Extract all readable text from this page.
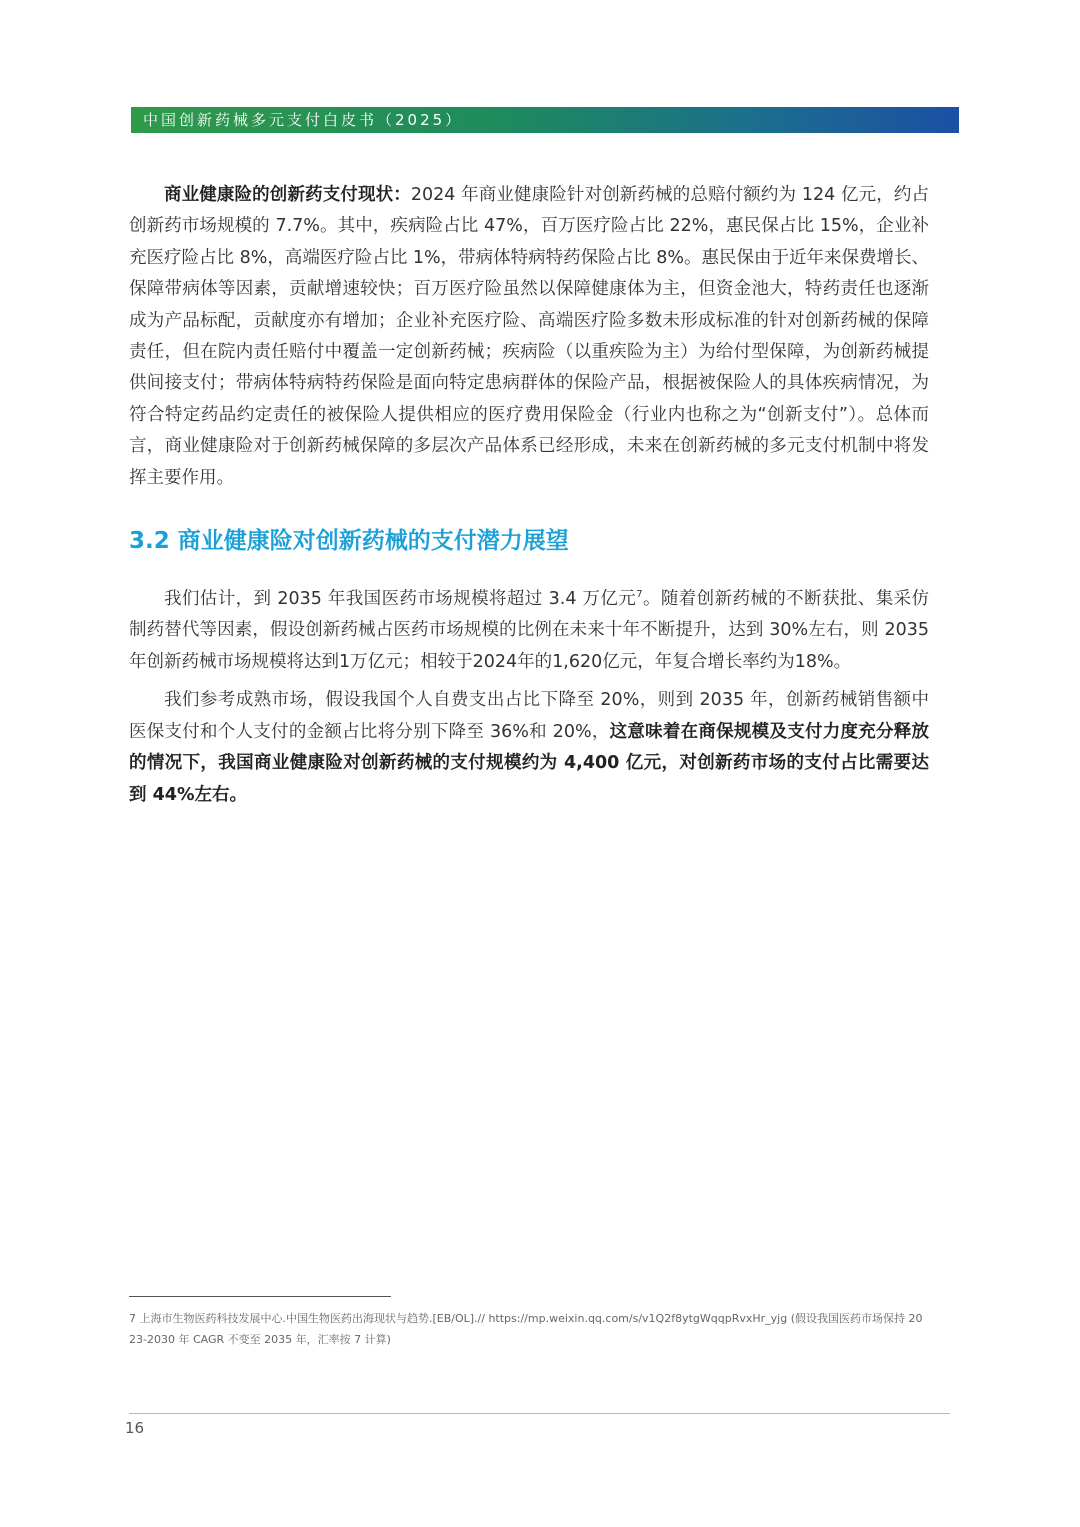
中国创新药械多元支付白皮书（2025）

商业健康险的创新药支付现状：2024 年商业健康险针对创新药械的总赔付额约为 124 亿元，约占创新药市场规模的 7.7%。其中，疾病险占比 47%，百万医疗险占比 22%，惠民保占比 15%，企业补充医疗险占比 8%，高端医疗险占比 1%，带病体特病特药保险占比 8%。惠民保由于近年来保费增长、保障带病体等因素，贡献增速较快；百万医疗险虽然以保障健康体为主，但资金池大，特药责任也逐渐成为产品标配，贡献度亦有增加；企业补充医疗险、高端医疗险多数未形成标准的针对创新药械的保障责任，但在院内责任赔付中覆盖一定创新药械；疾病险（以重疾险为主）为给付型保障，为创新药械提供间接支付；带病体特病特药保险是面向特定患病群体的保险产品，根据被保险人的具体疾病情况，为符合特定药品约定责任的被保险人提供相应的医疗费用保险金（行业内也称之为“创新支付”）。总体而言，商业健康险对于创新药械保障的多层次产品体系已经形成，未来在创新药械的多元支付机制中将发挥主要作用。

3.2 商业健康险对创新药械的支付潜力展望

我们估计，到 2035 年我国医药市场规模将超过 3.4 万亿元$^7$。随着创新药械的不断获批、集采仿制药替代等因素，假设创新药械占医药市场规模的比例在未来十年不断提升，达到 30%左右，则 2035年创新药械市场规模将达到1万亿元；相较于2024年的1,620亿元，年复合增长率约为18%。

我们参考成熟市场，假设我国个人自费支出占比下降至 20%，则到 2035 年，创新药械销售额中医保支付和个人支付的金额占比将分别下降至 36%和 20%，这意味着在商保规模及支付力度充分释放的情况下，我国商业健康险对创新药械的支付规模约为 4,400 亿元，对创新药市场的支付占比需要达到 44%左右。

7 上海市生物医药科技发展中心.中国生物医药出海现状与趋势.[EB/OL].// https://mp.weixin.qq.com/s/v1Q2f8ytgWqqpRvxHr_yjg (假设我国医药市场保持 2023-2030 年 CAGR 不变至 2035 年，汇率按 7 计算)
16
